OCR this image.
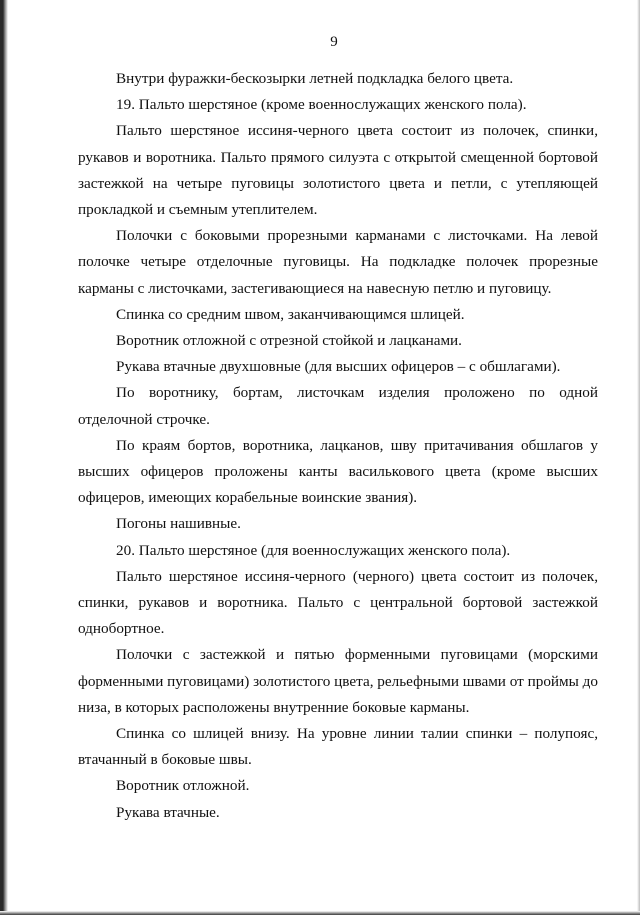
9

Внутри фуражки-бескозырки летней подкладка белого цвета.

19. Пальто шерстяное (кроме военнослужащих женского пола).

Пальто шерстяное иссиня-черного цвета состоит из полочек, спинки, рукавов и воротника. Пальто прямого силуэта с открытой смещенной бортовой застежкой на четыре пуговицы золотистого цвета и петли, с утепляющей прокладкой и съемным утеплителем.

Полочки с боковыми прорезными карманами с листочками. На левой полочке четыре отделочные пуговицы. На подкладке полочек прорезные карманы с листочками, застегивающиеся на навесную петлю и пуговицу.

Спинка со средним швом, заканчивающимся шлицей.

Воротник отложной с отрезной стойкой и лацканами.

Рукава втачные двухшовные (для высших офицеров – с обшлагами).

По воротнику, бортам, листочкам изделия проложено по одной отделочной строчке.

По краям бортов, воротника, лацканов, шву притачивания обшлагов у высших офицеров проложены канты василькового цвета (кроме высших офицеров, имеющих корабельные воинские звания).

Погоны нашивные.

20. Пальто шерстяное (для военнослужащих женского пола).

Пальто шерстяное иссиня-черного (черного) цвета состоит из полочек, спинки, рукавов и воротника. Пальто с центральной бортовой застежкой однобортное.

Полочки с застежкой и пятью форменными пуговицами (морскими форменными пуговицами) золотистого цвета, рельефными швами от проймы до низа, в которых расположены внутренние боковые карманы.

Спинка со шлицей внизу. На уровне линии талии спинки – полупояс, втачанный в боковые швы.

Воротник отложной.

Рукава втачные.
